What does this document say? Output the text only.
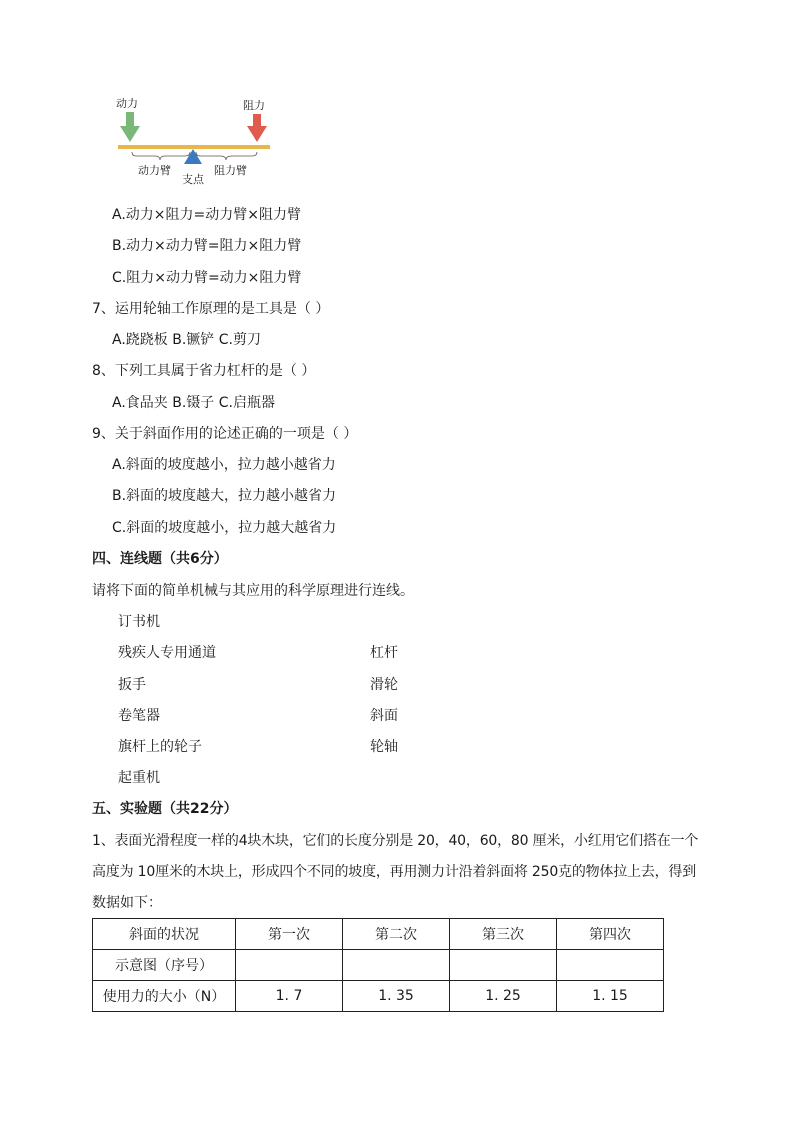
动力	阻力
动力臂
支点
阻力臂
A.动力×阻力=动力臂×阻力臂
B.动力×动力臂=阻力×阻力臂
C.阻力×动力臂=动力×阻力臂
7、运用轮轴工作原理的是工具是（ ）
A.跷跷板 B.镢铲 C.剪刀
8、下列工具属于省力杠杆的是（ ）
A.食品夹 B.镊子 C.启瓶器
9、关于斜面作用的论述正确的一项是（ ）
A.斜面的坡度越小，拉力越小越省力
B.斜面的坡度越大，拉力越小越省力
C.斜面的坡度越小，拉力越大越省力
四、连线题（共6分）
请将下面的简单机械与其应用的科学原理进行连线。
订书机
残疾人专用通道
扳手
卷笔器
旗杆上的轮子
起重机
杠杆
滑轮
斜面
轮轴
五、实验题（共22分）
1、表面光滑程度一样的4块木块，它们的长度分别是 20，40，60，80 厘米，小红用它们搭在一个
高度为 10厘米的木块上，形成四个不同的坡度，再用测力计沿着斜面将 250克的物体拉上去，得到
数据如下：
斜面的状况	第一次	第二次	第三次	第四次
示意图（序号）				
使用力的大小（N）	1. 7	1. 35	1. 25	1. 15
